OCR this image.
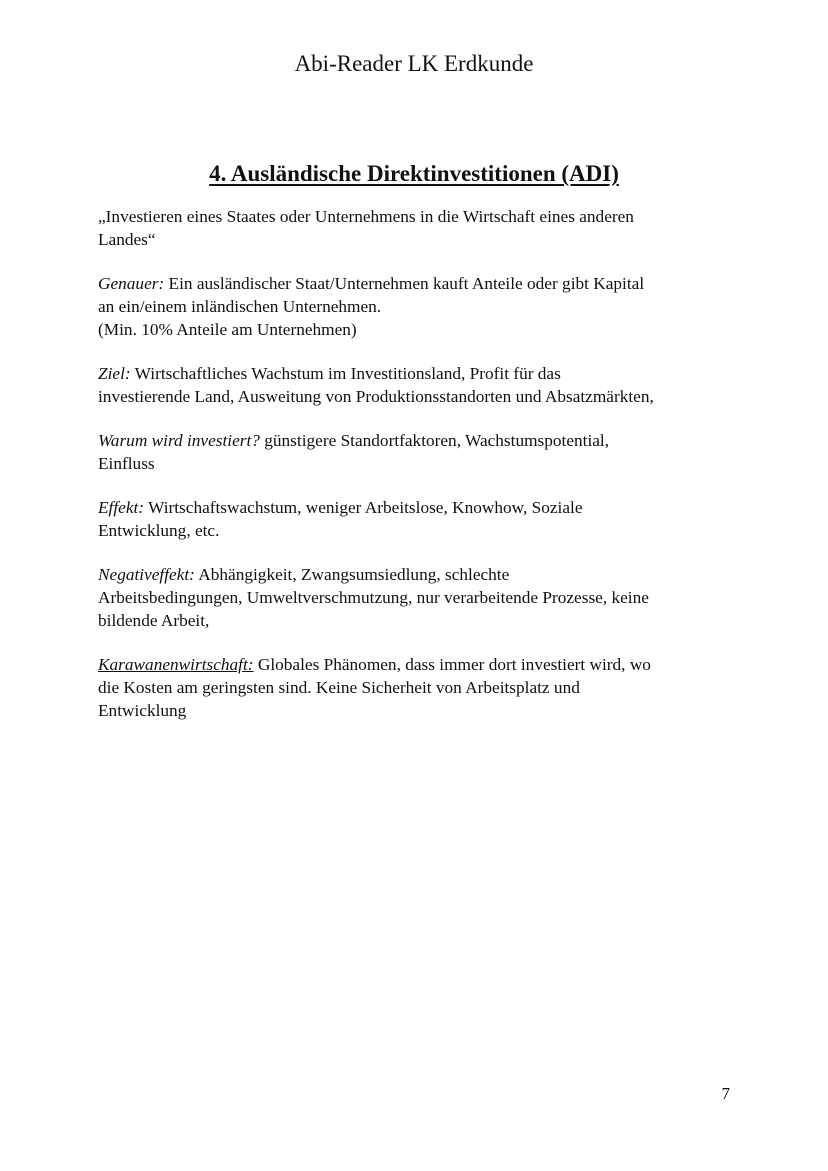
Abi-Reader LK Erdkunde
4. Ausländische Direktinvestitionen (ADI)

„Investieren eines Staates oder Unternehmens in die Wirtschaft eines anderen
Landes“

Genauer: Ein ausländischer Staat/Unternehmen kauft Anteile oder gibt Kapital
an ein/einem inländischen Unternehmen.
(Min. 10% Anteile am Unternehmen)

Ziel: Wirtschaftliches Wachstum im Investitionsland, Profit für das
investierende Land, Ausweitung von Produktionsstandorten und Absatzmärkten,

Warum wird investiert? günstigere Standortfaktoren, Wachstumspotential,
Einfluss

Effekt: Wirtschaftswachstum, weniger Arbeitslose, Knowhow, Soziale
Entwicklung, etc.

Negativeffekt: Abhängigkeit, Zwangsumsiedlung, schlechte
Arbeitsbedingungen, Umweltverschmutzung, nur verarbeitende Prozesse, keine
bildende Arbeit,

Karawanenwirtschaft: Globales Phänomen, dass immer dort investiert wird, wo
die Kosten am geringsten sind. Keine Sicherheit von Arbeitsplatz und
Entwicklung

7
